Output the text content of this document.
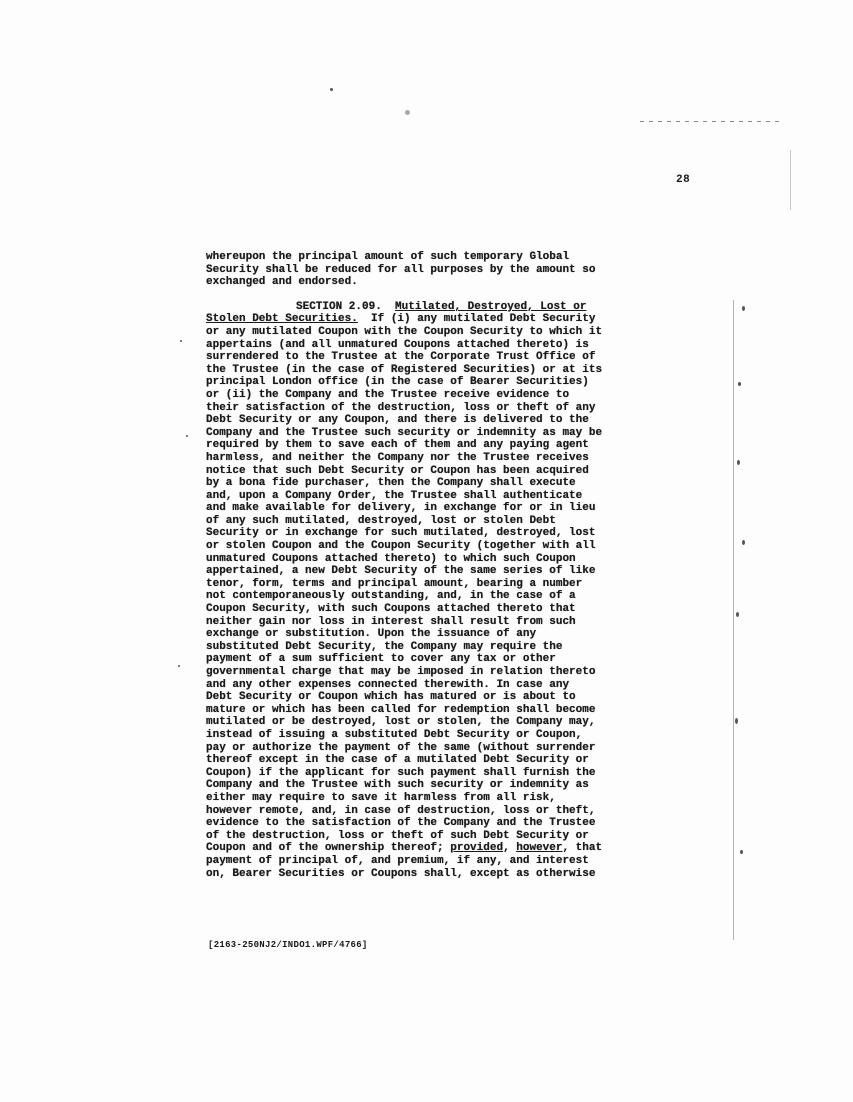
28

whereupon the principal amount of such temporary Global
Security shall be reduced for all purposes by the amount so
exchanged and endorsed.

SECTION 2.09. Mutilated, Destroyed, Lost or
Stolen Debt Securities. If (i) any mutilated Debt Security
or any mutilated Coupon with the Coupon Security to which it
appertains (and all unmatured Coupons attached thereto) is
surrendered to the Trustee at the Corporate Trust Office of
the Trustee (in the case of Registered Securities) or at its
principal London office (in the case of Bearer Securities)
or (ii) the Company and the Trustee receive evidence to
their satisfaction of the destruction, loss or theft of any
Debt Security or any Coupon, and there is delivered to the
Company and the Trustee such security or indemnity as may be
required by them to save each of them and any paying agent
harmless, and neither the Company nor the Trustee receives
notice that such Debt Security or Coupon has been acquired
by a bona fide purchaser, then the Company shall execute
and, upon a Company Order, the Trustee shall authenticate
and make available for delivery, in exchange for or in lieu
of any such mutilated, destroyed, lost or stolen Debt
Security or in exchange for such mutilated, destroyed, lost
or stolen Coupon and the Coupon Security (together with all
unmatured Coupons attached thereto) to which such Coupon
appertained, a new Debt Security of the same series of like
tenor, form, terms and principal amount, bearing a number
not contemporaneously outstanding, and, in the case of a
Coupon Security, with such Coupons attached thereto that
neither gain nor loss in interest shall result from such
exchange or substitution. Upon the issuance of any
substituted Debt Security, the Company may require the
payment of a sum sufficient to cover any tax or other
governmental charge that may be imposed in relation thereto
and any other expenses connected therewith. In case any
Debt Security or Coupon which has matured or is about to
mature or which has been called for redemption shall become
mutilated or be destroyed, lost or stolen, the Company may,
instead of issuing a substituted Debt Security or Coupon,
pay or authorize the payment of the same (without surrender
thereof except in the case of a mutilated Debt Security or
Coupon) if the applicant for such payment shall furnish the
Company and the Trustee with such security or indemnity as
either may require to save it harmless from all risk,
however remote, and, in case of destruction, loss or theft,
evidence to the satisfaction of the Company and the Trustee
of the destruction, loss or theft of such Debt Security or
Coupon and of the ownership thereof; provided, however, that
payment of principal of, and premium, if any, and interest
on, Bearer Securities or Coupons shall, except as otherwise

[2163-250NJ2/INDO1.WPF/4766]
